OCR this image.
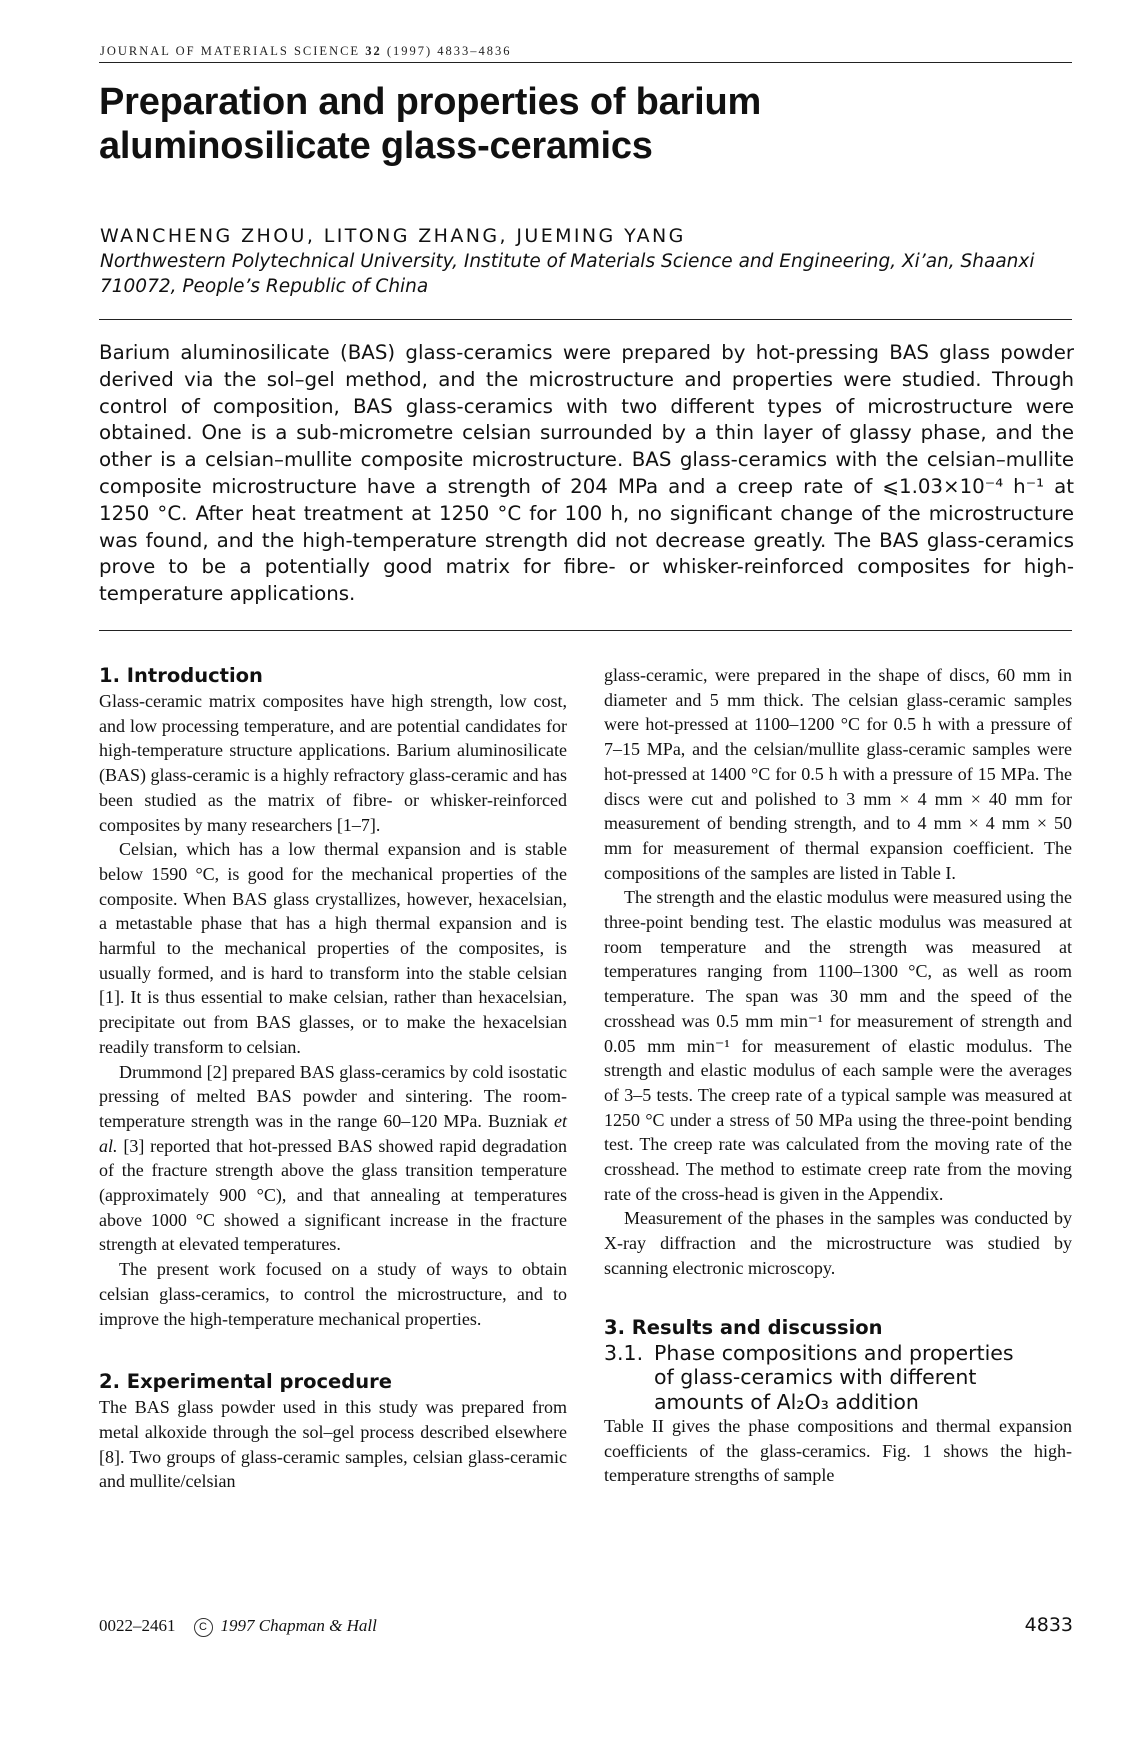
JOURNAL OF MATERIALS SCIENCE 32 (1997) 4833–4836
Preparation and properties of barium
aluminosilicate glass-ceramics
WANCHENG ZHOU, LITONG ZHANG, JUEMING YANG
Northwestern Polytechnical University, Institute of Materials Science and Engineering, Xi’an, Shaanxi 710072, People’s Republic of China
Barium aluminosilicate (BAS) glass-ceramics were prepared by hot-pressing BAS glass powder derived via the sol–gel method, and the microstructure and properties were studied. Through control of composition, BAS glass-ceramics with two different types of microstructure were obtained. One is a sub-micrometre celsian surrounded by a thin layer of glassy phase, and the other is a celsian–mullite composite microstructure. BAS glass-ceramics with the celsian–mullite composite microstructure have a strength of 204 MPa and a creep rate of ⩽1.03×10⁻⁴ h⁻¹ at 1250 °C. After heat treatment at 1250 °C for 100 h, no significant change of the microstructure was found, and the high-temperature strength did not decrease greatly. The BAS glass-ceramics prove to be a potentially good matrix for fibre- or whisker-reinforced composites for high-temperature applications.
1. Introduction

Glass-ceramic matrix composites have high strength, low cost, and low processing temperature, and are potential candidates for high-temperature structure applications. Barium aluminosilicate (BAS) glass-ceramic is a highly refractory glass-ceramic and has been studied as the matrix of fibre- or whisker-reinforced composites by many researchers [1–7].

Celsian, which has a low thermal expansion and is stable below 1590 °C, is good for the mechanical properties of the composite. When BAS glass crystallizes, however, hexacelsian, a metastable phase that has a high thermal expansion and is harmful to the mechanical properties of the composites, is usually formed, and is hard to transform into the stable celsian [1]. It is thus essential to make celsian, rather than hexacelsian, precipitate out from BAS glasses, or to make the hexacelsian readily transform to celsian.

Drummond [2] prepared BAS glass-ceramics by cold isostatic pressing of melted BAS powder and sintering. The room-temperature strength was in the range 60–120 MPa. Buzniak et al. [3] reported that hot-pressed BAS showed rapid degradation of the fracture strength above the glass transition temperature (approximately 900 °C), and that annealing at temperatures above 1000 °C showed a significant increase in the fracture strength at elevated temperatures.

The present work focused on a study of ways to obtain celsian glass-ceramics, to control the microstructure, and to improve the high-temperature mechanical properties.

2. Experimental procedure

The BAS glass powder used in this study was prepared from metal alkoxide through the sol–gel process described elsewhere [8]. Two groups of glass-ceramic samples, celsian glass-ceramic and mullite/celsian

glass-ceramic, were prepared in the shape of discs, 60 mm in diameter and 5 mm thick. The celsian glass-ceramic samples were hot-pressed at 1100–1200 °C for 0.5 h with a pressure of 7–15 MPa, and the celsian/mullite glass-ceramic samples were hot-pressed at 1400 °C for 0.5 h with a pressure of 15 MPa. The discs were cut and polished to 3 mm × 4 mm × 40 mm for measurement of bending strength, and to 4 mm × 4 mm × 50 mm for measurement of thermal expansion coefficient. The compositions of the samples are listed in Table I.

The strength and the elastic modulus were measured using the three-point bending test. The elastic modulus was measured at room temperature and the strength was measured at temperatures ranging from 1100–1300 °C, as well as room temperature. The span was 30 mm and the speed of the crosshead was 0.5 mm min⁻¹ for measurement of strength and 0.05 mm min⁻¹ for measurement of elastic modulus. The strength and elastic modulus of each sample were the averages of 3–5 tests. The creep rate of a typical sample was measured at 1250 °C under a stress of 50 MPa using the three-point bending test. The creep rate was calculated from the moving rate of the crosshead. The method to estimate creep rate from the moving rate of the cross-head is given in the Appendix.

Measurement of the phases in the samples was conducted by X-ray diffraction and the microstructure was studied by scanning electronic microscopy.

3. Results and discussion
3.1. Phase compositions and properties
of glass-ceramics with different
amounts of Al₂O₃ addition

Table II gives the phase compositions and thermal expansion coefficients of the glass-ceramics. Fig. 1 shows the high-temperature strengths of sample

0022–2461 C 1997 Chapman & Hall	4833
